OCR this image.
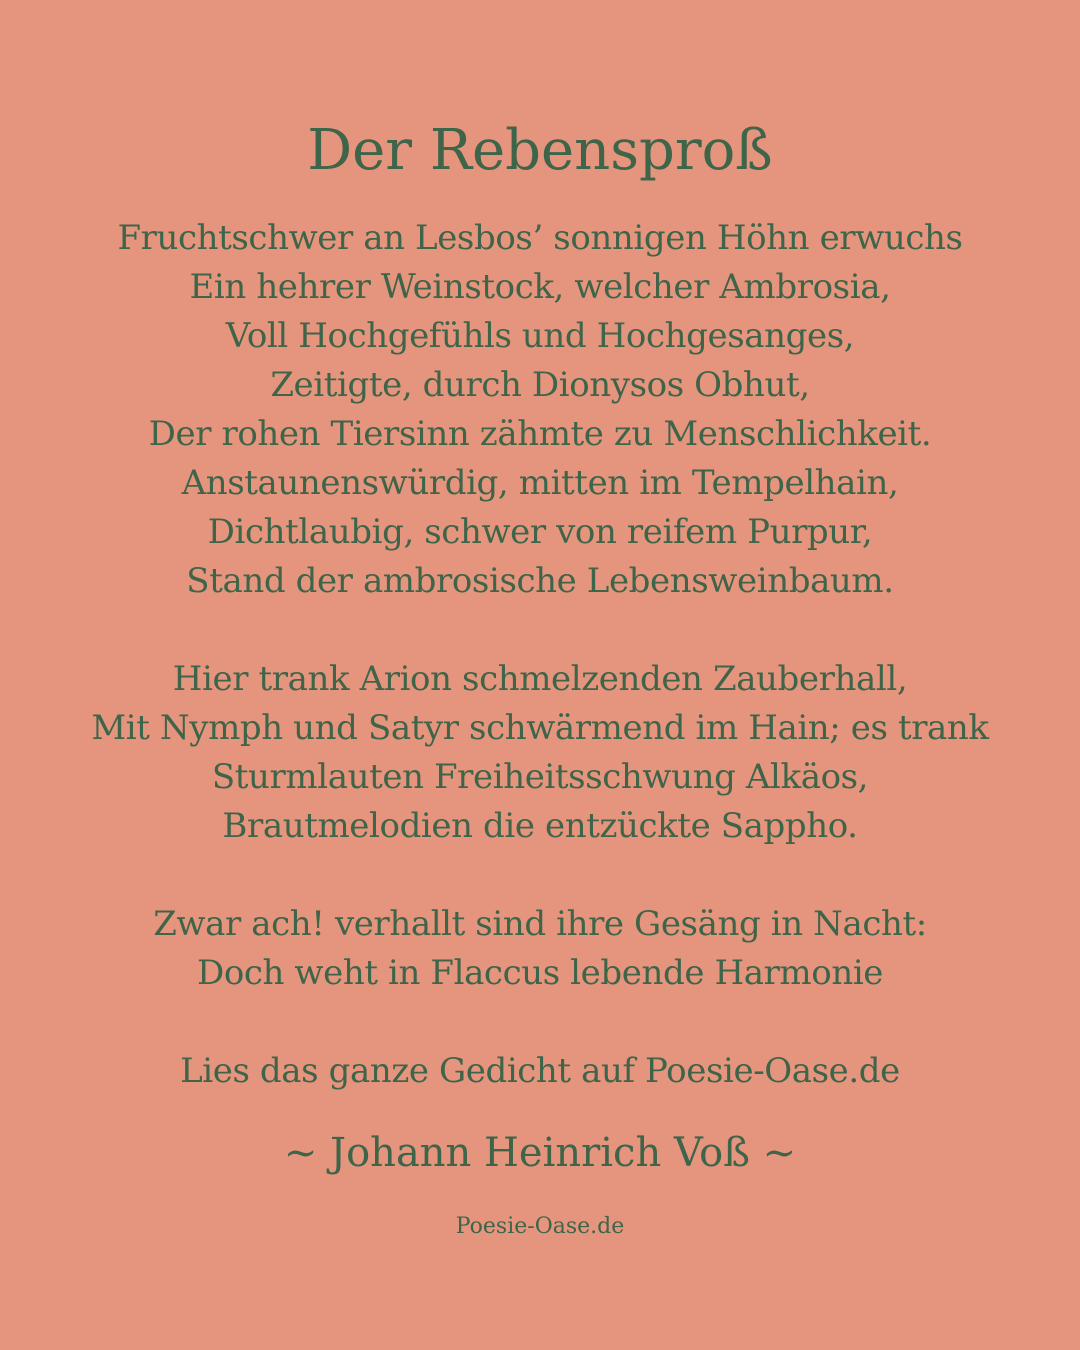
Der Rebensproß
Fruchtschwer an Lesbos’ sonnigen Höhn erwuchs
Ein hehrer Weinstock, welcher Ambrosia,
Voll Hochgefühls und Hochgesanges,
Zeitigte, durch Dionysos Obhut,
Der rohen Tiersinn zähmte zu Menschlichkeit.
Anstaunenswürdig, mitten im Tempelhain,
Dichtlaubig, schwer von reifem Purpur,
Stand der ambrosische Lebensweinbaum.
Hier trank Arion schmelzenden Zauberhall,
Mit Nymph und Satyr schwärmend im Hain; es trank
Sturmlauten Freiheitsschwung Alkäos,
Brautmelodien die entzückte Sappho.
Zwar ach! verhallt sind ihre Gesäng in Nacht:
Doch weht in Flaccus lebende Harmonie
Lies das ganze Gedicht auf Poesie-Oase.de
~ Johann Heinrich Voß ~
Poesie-Oase.de
